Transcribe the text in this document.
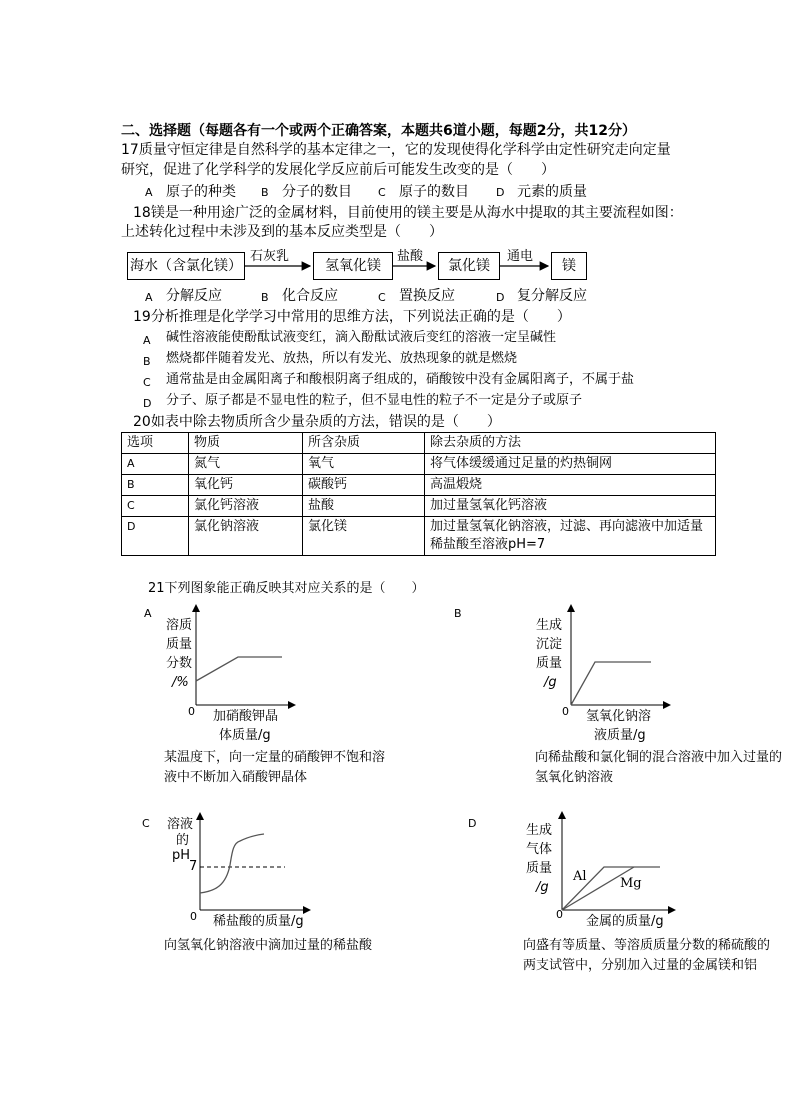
二、选择题（每题各有一个或两个正确答案，本题共6道小题，每题2分，共12分）
17质量守恒定律是自然科学的基本定律之一，它的发现使得化学科学由定性研究走向定量
研究，促进了化学科学的发展化学反应前后可能发生改变的是（　　）
A 原子的种类 B 分子的数目 C 原子的数目 D 元素的质量
18镁是一种用途广泛的金属材料，目前使用的镁主要是从海水中提取的其主要流程如图：
上述转化过程中未涉及到的基本反应类型是（　　）
海水（含氯化镁）
石灰乳
氢氧化镁
盐酸
氯化镁
通电
镁
A 分解反应	B 化合反应	C 置换反应	D 复分解反应
19分析推理是化学学习中常用的思维方法，下列说法正确的是（　　）
A 碱性溶液能使酚酞试液变红，滴入酚酞试液后变红的溶液一定呈碱性
B 燃烧都伴随着发光、放热，所以有发光、放热现象的就是燃烧
C 通常盐是由金属阳离子和酸根阴离子组成的，硝酸铵中没有金属阳离子，不属于盐
D 分子、原子都是不显电性的粒子，但不显电性的粒子不一定是分子或原子
20如表中除去物质所含少量杂质的方法，错误的是（　　）
选项	物质	所含杂质	除去杂质的方法
A	氮气	氧气	将气体缓缓通过足量的灼热铜网
B	氧化钙	碳酸钙	高温煅烧
C	氯化钙溶液	盐酸	加过量氢氧化钙溶液
D	氯化钠溶液	氯化镁	加过量氢氧化钠溶液，过滤、再向滤液中加适量稀盐酸至溶液pH=7
21下列图象能正确反映其对应关系的是（　　）
A
溶质
质量
分数
/%
0 加硝酸钾晶
体质量/g
某温度下，向一定量的硝酸钾不饱和溶
液中不断加入硝酸钾晶体
B
生成
沉淀
质量
/g
0 氢氧化钠溶
液质量/g
向稀盐酸和氯化铜的混合溶液中加入过量的
氢氧化钠溶液
C 溶液
的
pH
7
0 稀盐酸的质量/g
向氢氧化钠溶液中滴加过量的稀盐酸
D	生成
气体
质量
/g
Al	Mg
0 金属的质量/g
向盛有等质量、等溶质质量分数的稀硫酸的
两支试管中，分别加入过量的金属镁和铝
